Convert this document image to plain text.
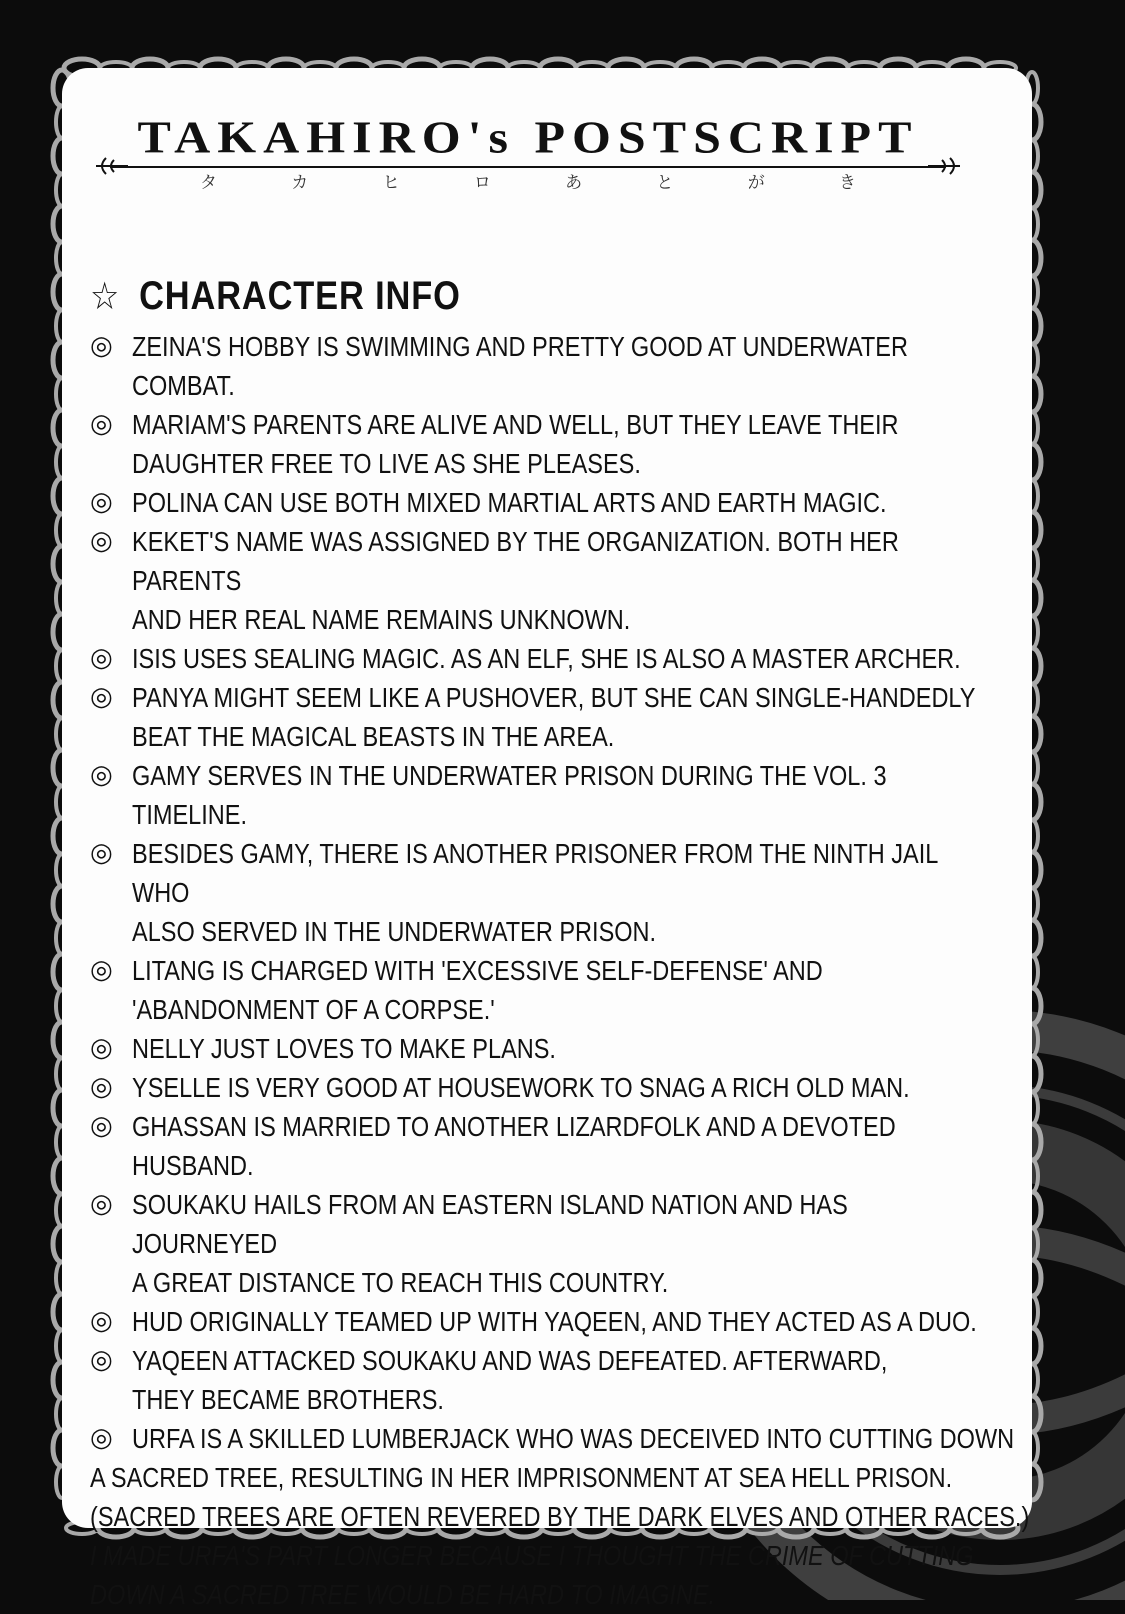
TAKAHIRO's POSTSCRIPT
タ	カ	ヒ	ロ	あ	と	が	き
☆ CHARACTER INFO
◎ ZEINA'S HOBBY IS SWIMMING AND PRETTY GOOD AT UNDERWATER COMBAT.
◎ MARIAM'S PARENTS ARE ALIVE AND WELL, BUT THEY LEAVE THEIR
DAUGHTER FREE TO LIVE AS SHE PLEASES.
◎ POLINA CAN USE BOTH MIXED MARTIAL ARTS AND EARTH MAGIC.
◎ KEKET'S NAME WAS ASSIGNED BY THE ORGANIZATION. BOTH HER PARENTS
AND HER REAL NAME REMAINS UNKNOWN.
◎ ISIS USES SEALING MAGIC. AS AN ELF, SHE IS ALSO A MASTER ARCHER.
◎ PANYA MIGHT SEEM LIKE A PUSHOVER, BUT SHE CAN SINGLE-HANDEDLY
BEAT THE MAGICAL BEASTS IN THE AREA.
◎ GAMY SERVES IN THE UNDERWATER PRISON DURING THE VOL. 3 TIMELINE.
◎ BESIDES GAMY, THERE IS ANOTHER PRISONER FROM THE NINTH JAIL WHO
ALSO SERVED IN THE UNDERWATER PRISON.
◎ LITANG IS CHARGED WITH 'EXCESSIVE SELF-DEFENSE' AND
'ABANDONMENT OF A CORPSE.'
◎ NELLY JUST LOVES TO MAKE PLANS.
◎ YSELLE IS VERY GOOD AT HOUSEWORK TO SNAG A RICH OLD MAN.
◎ GHASSAN IS MARRIED TO ANOTHER LIZARDFOLK AND A DEVOTED HUSBAND.
◎ SOUKAKU HAILS FROM AN EASTERN ISLAND NATION AND HAS JOURNEYED
A GREAT DISTANCE TO REACH THIS COUNTRY.
◎ HUD ORIGINALLY TEAMED UP WITH YAQEEN, AND THEY ACTED AS A DUO.
◎ YAQEEN ATTACKED SOUKAKU AND WAS DEFEATED. AFTERWARD,
THEY BECAME BROTHERS.
◎ URFA IS A SKILLED LUMBERJACK WHO WAS DECEIVED INTO CUTTING DOWN
A SACRED TREE, RESULTING IN HER IMPRISONMENT AT SEA HELL PRISON.
(SACRED TREES ARE OFTEN REVERED BY THE DARK ELVES AND OTHER RACES.)
I MADE URFA'S PART LONGER BECAUSE I THOUGHT THE CRIME OF CUTTING
DOWN A SACRED TREE WOULD BE HARD TO IMAGINE.
